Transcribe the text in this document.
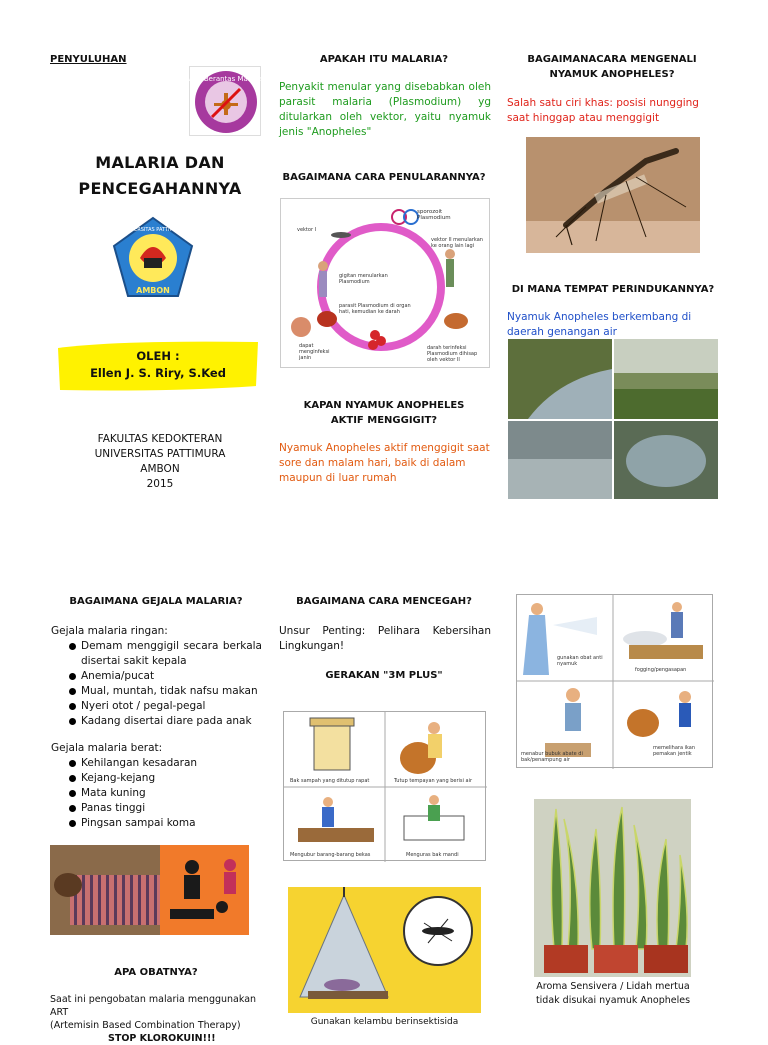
PENYULUHAN
Ayo Berantas Malaria
MALARIA DAN
PENCEGAHANNYA
AMBON
UNIVERSITAS PATTIMURA
OLEH :
Ellen J. S. Riry, S.Ked
FAKULTAS KEDOKTERAN
UNIVERSITAS PATTIMURA
AMBON
2015
APAKAH ITU MALARIA?
Penyakit menular yang disebabkan oleh parasit malaria (Plasmodium) yg ditularkan oleh vektor, yaitu nyamuk jenis "Anopheles"
BAGAIMANA CARA PENULARANNYA?
sporozoit Plasmodium
vektor I
vektor II menularkan ke orang lain lagi
gigitan menularkan Plasmodium
parasit Plasmodium di organ hati, kemudian ke darah
dapat menginfeksi janin
darah terinfeksi Plasmodium dihisap oleh vektor II
KAPAN NYAMUK ANOPHELES
AKTIF MENGGIGIT?
Nyamuk Anopheles aktif menggigit saat sore dan malam hari, baik di dalam maupun di luar rumah
BAGAIMANACARA MENGENALI
NYAMUK ANOPHELES?
Salah satu ciri khas: posisi nungging saat hinggap atau menggigit
DI MANA TEMPAT PERINDUKANNYA?
Nyamuk Anopheles berkembang di daerah genangan air
BAGAIMANA GEJALA MALARIA?
Gejala malaria ringan:
Demam menggigil secara berkala disertai sakit kepala
Anemia/pucat
Mual, muntah, tidak nafsu makan
Nyeri otot / pegal-pegal
Kadang disertai diare pada anak
Gejala malaria berat:
Kehilangan kesadaran
Kejang-kejang
Mata kuning
Panas tinggi
Pingsan sampai koma
APA OBATNYA?
Saat ini pengobatan malaria menggunakan ART
(Artemisin Based Combination Therapy)
STOP KLOROKUIN!!!
BAGAIMANA CARA MENCEGAH?
Unsur Penting: Pelihara Kebersihan Lingkungan!
GERAKAN "3M PLUS"
Bak sampah yang ditutup rapat	Tutup tempayan yang berisi air
Mengubur barang-barang bekas	Menguras bak mandi
Gunakan kelambu berinsektisida
gunakan obat anti nyamuk
fogging/pengasapan
menabur bubuk abate di bak/penampung air
memelihara ikan pemakan jentik
Aroma Sensivera / Lidah mertua
tidak disukai nyamuk Anopheles
